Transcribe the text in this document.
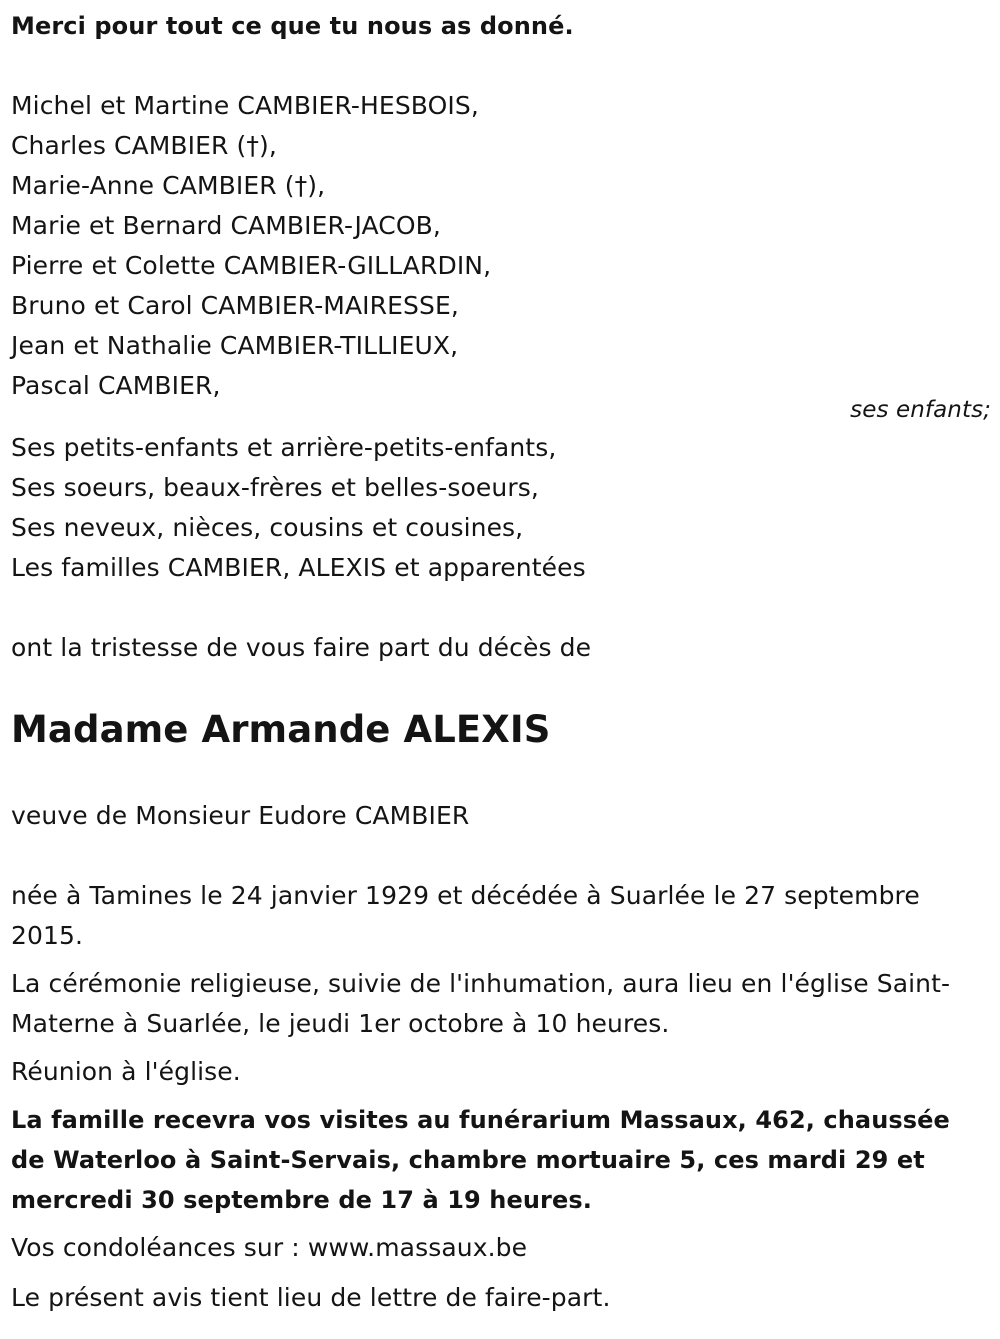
Merci pour tout ce que tu nous as donné.
Michel et Martine CAMBIER-HESBOIS,
Charles CAMBIER (†),
Marie-Anne CAMBIER (†),
Marie et Bernard CAMBIER-JACOB,
Pierre et Colette CAMBIER-GILLARDIN,
Bruno et Carol CAMBIER-MAIRESSE,
Jean et Nathalie CAMBIER-TILLIEUX,
Pascal CAMBIER,
ses enfants;
Ses petits-enfants et arrière-petits-enfants,
Ses soeurs, beaux-frères et belles-soeurs,
Ses neveux, nièces, cousins et cousines,
Les familles CAMBIER, ALEXIS et apparentées
ont la tristesse de vous faire part du décès de
Madame Armande ALEXIS
veuve de Monsieur Eudore CAMBIER

née à Tamines le 24 janvier 1929 et décédée à Suarlée le 27 septembre 2015.

La cérémonie religieuse, suivie de l'inhumation, aura lieu en l'église Saint-Materne à Suarlée, le jeudi 1er octobre à 10 heures.

Réunion à l'église.

La famille recevra vos visites au funérarium Massaux, 462, chaussée de Waterloo à Saint-Servais, chambre mortuaire 5, ces mardi 29 et mercredi 30 septembre de 17 à 19 heures.

Vos condoléances sur : www.massaux.be

Le présent avis tient lieu de lettre de faire-part.
